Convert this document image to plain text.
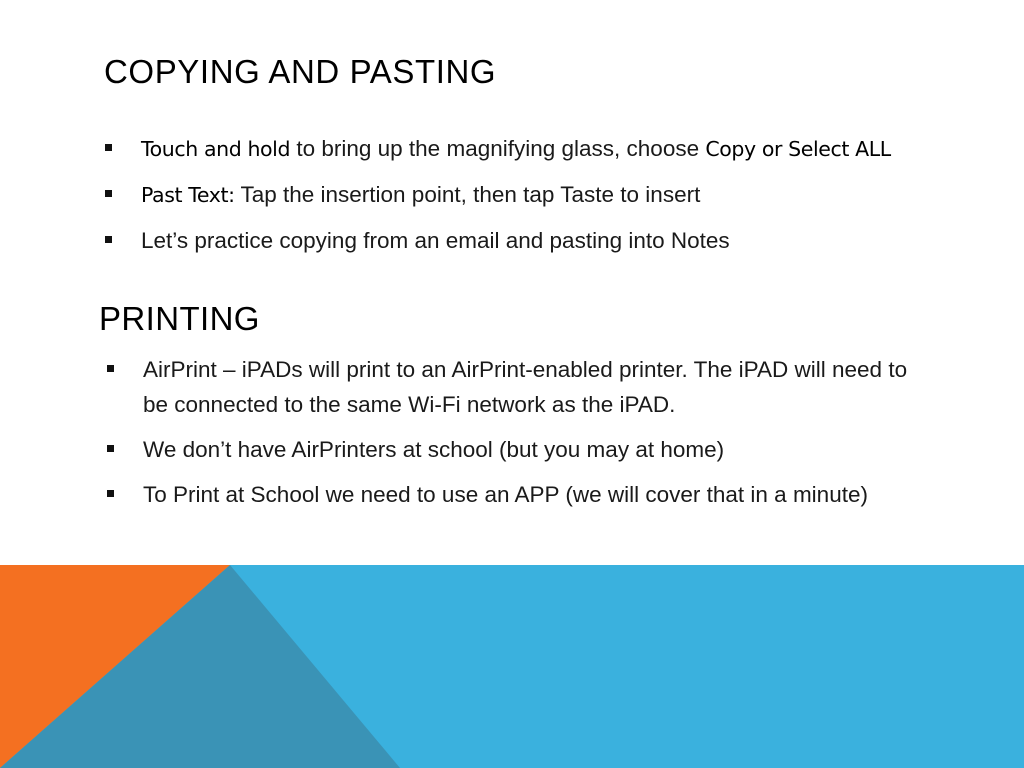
COPYING AND PASTING
Touch and hold to bring up the magnifying glass, choose Copy or Select ALL
Past Text: Tap the insertion point, then tap Taste to insert
Let’s practice copying from an email and pasting into Notes
PRINTING
AirPrint – iPADs will print to an AirPrint-enabled printer. The iPAD will need to be connected to the same Wi-Fi network as the iPAD.
We don’t have AirPrinters at school (but you may at home)
To Print at School we need to use an APP (we will cover that in a minute)
